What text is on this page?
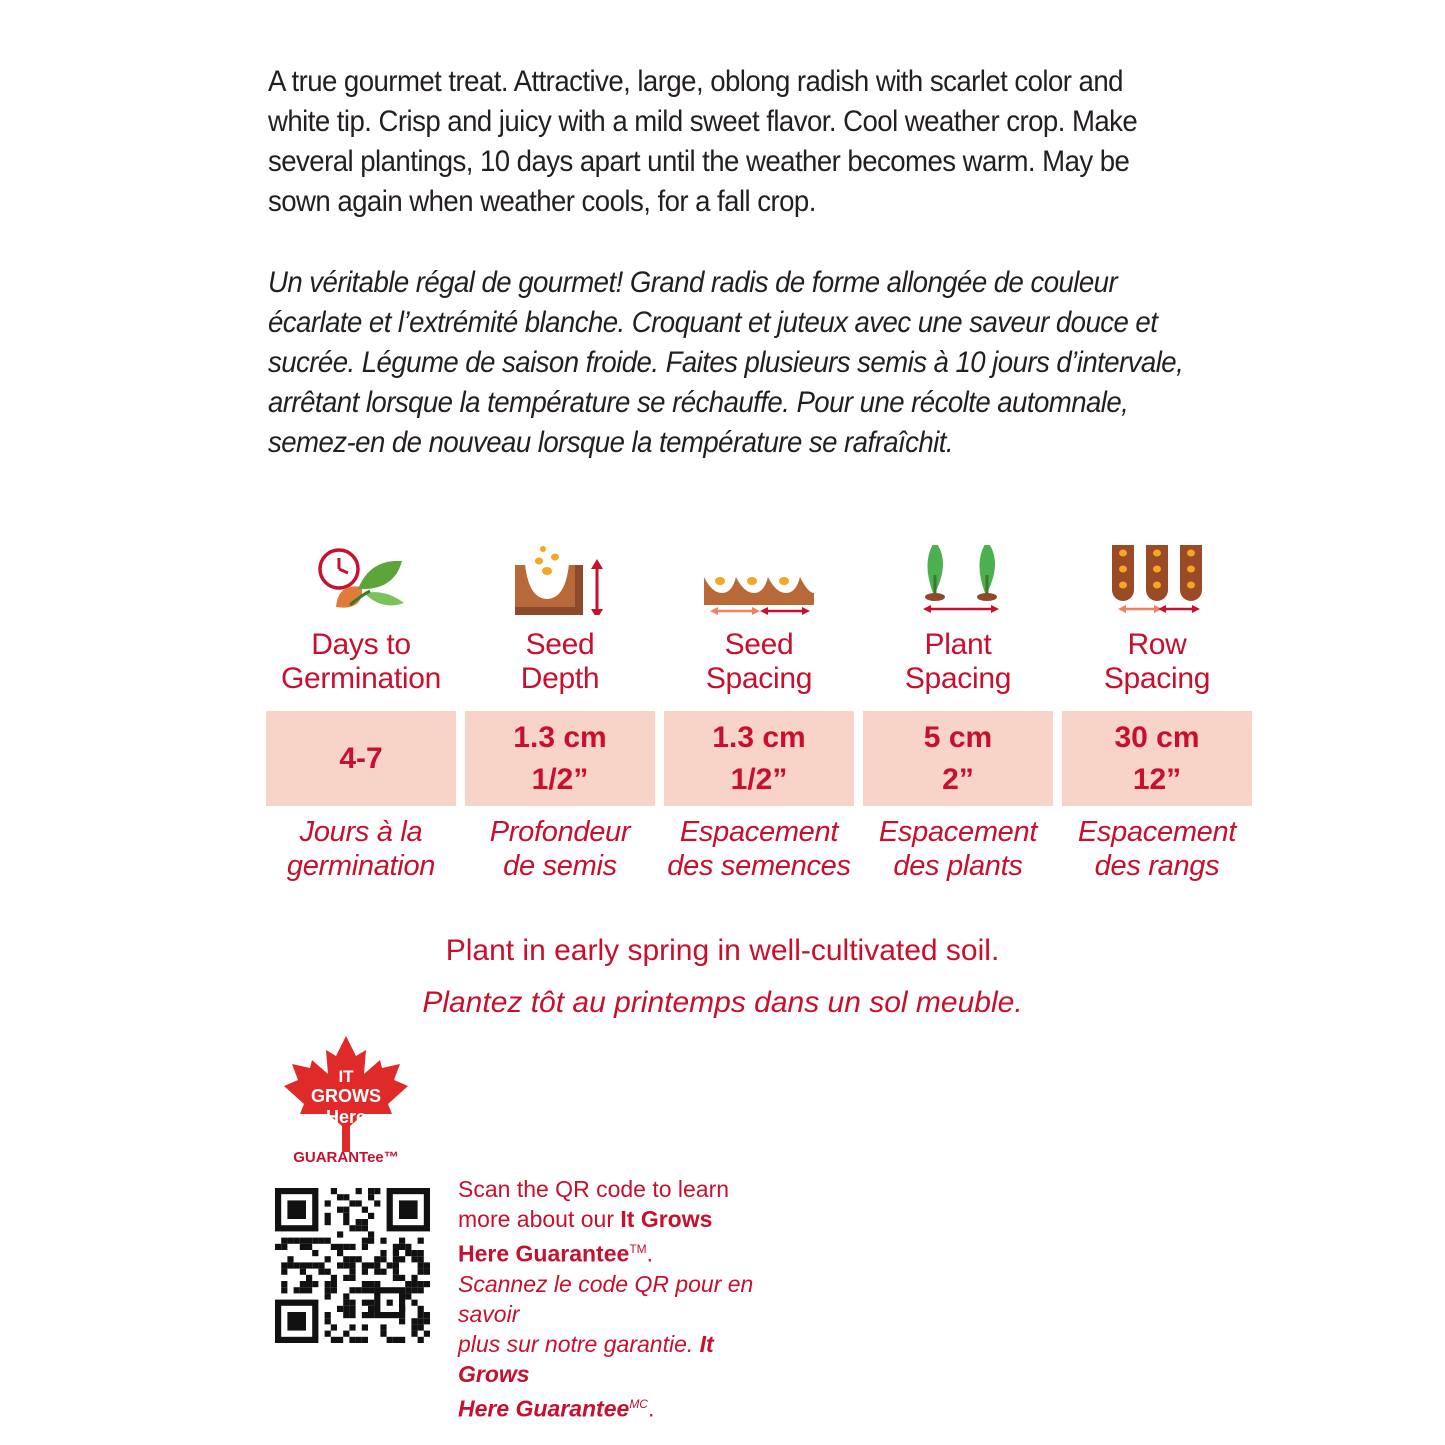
A true gourmet treat. Attractive, large, oblong radish with scarlet color and white tip. Crisp and juicy with a mild sweet flavor. Cool weather crop. Make several plantings, 10 days apart until the weather becomes warm. May be sown again when weather cools, for a fall crop.

Un véritable régal de gourmet! Grand radis de forme allongée de couleur écarlate et l’extrémité blanche. Croquant et juteux avec une saveur douce et sucrée. Légume de saison froide. Faites plusieurs semis à 10 jours d’intervale, arrêtant lorsque la température se réchauffe. Pour une récolte automnale, semez-en de nouveau lorsque la température se rafraîchit.

Days to
Germination
4-7
Jours à la
germination
Seed
Depth
1.3 cm
1/2”
Profondeur
de semis
Seed
Spacing
1.3 cm
1/2”
Espacement
des semences
Plant
Spacing
5 cm
2”
Espacement
des plants
Row
Spacing
30 cm
12”
Espacement
des rangs
Plant in early spring in well-cultivated soil.
Plantez tôt au printemps dans un sol meuble.
IT
GROWS
Here
GUARANTee™
Scan the QR code to learn
more about our It Grows
Here Guarantee™.
Scannez le code QR pour en savoir
plus sur notre garantie. It Grows
Here Guarantee$^{MC}$.
